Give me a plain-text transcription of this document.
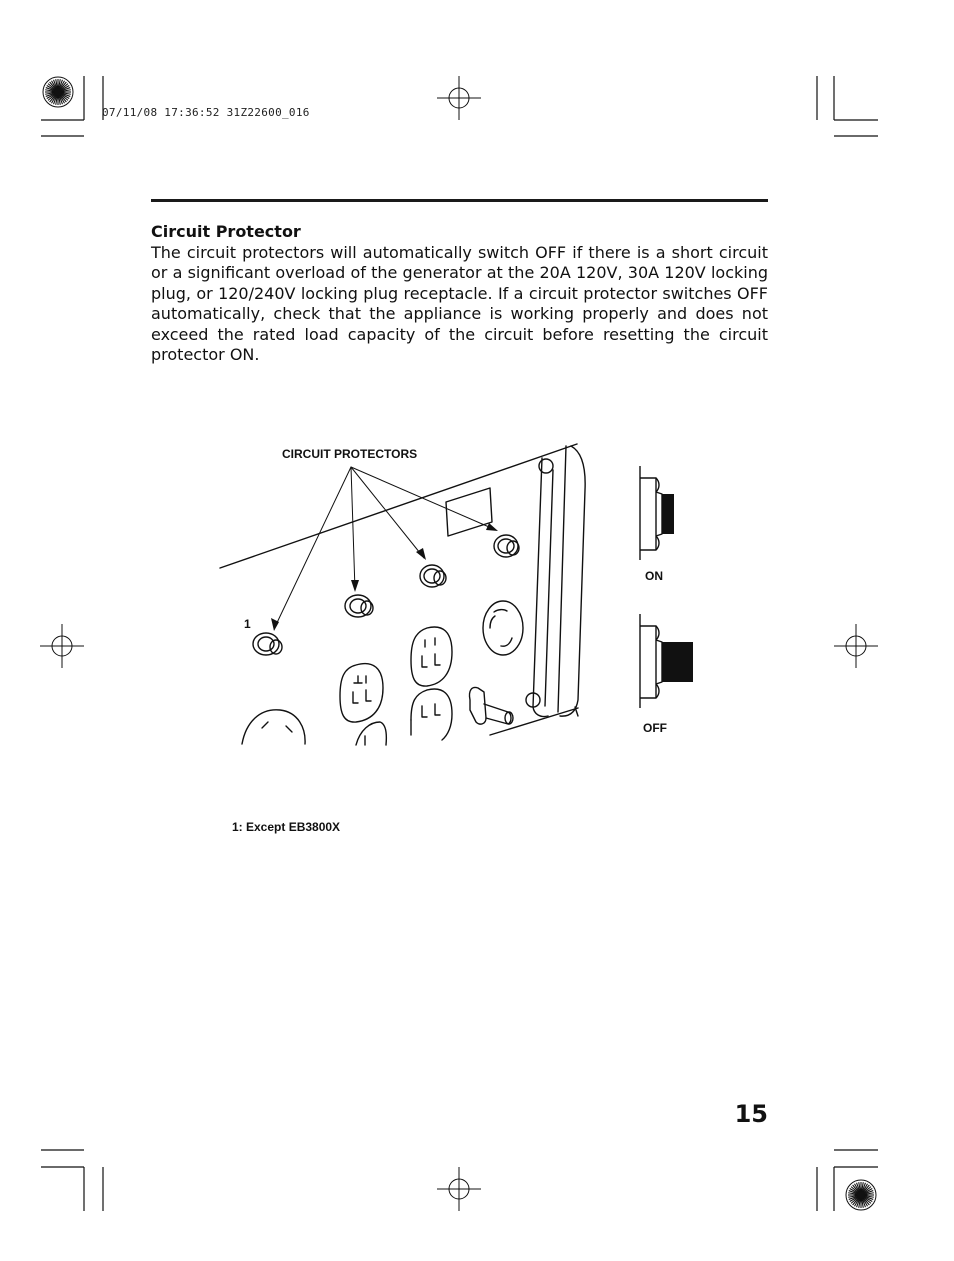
07/11/08 17:36:52 31Z22600_016
Circuit Protector

The circuit protectors will automatically switch OFF if there is a short circuit or a significant overload of the generator at the 20A 120V, 30A 120V locking plug, or 120/240V locking plug receptacle. If a circuit protector switches OFF automatically, check that the appliance is working properly and does not exceed the rated load capacity of the circuit before resetting the circuit protector ON.

CIRCUIT PROTECTORS
1
ON
OFF
1: Except EB3800X
15
